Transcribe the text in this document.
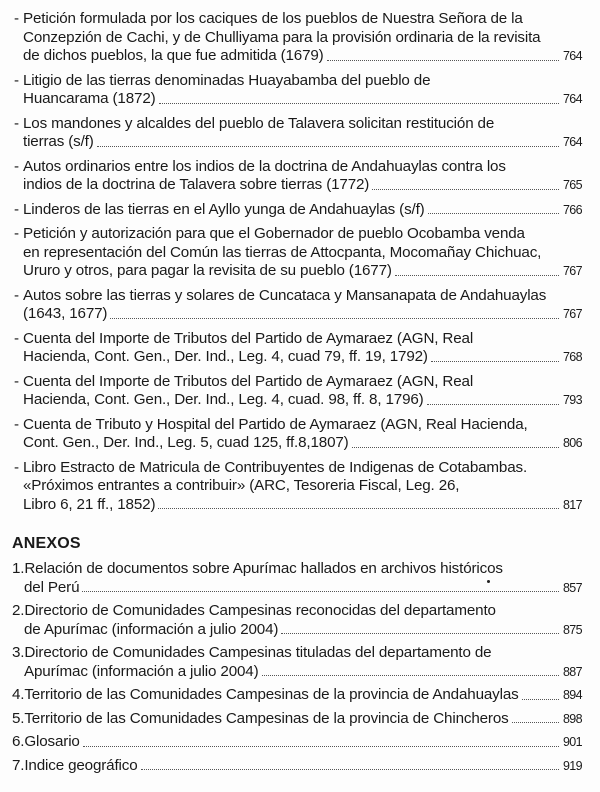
- Petición formulada por los caciques de los pueblos de Nuestra Señora de la
Conzepzión de Cachi, y de Chulliyama para la provisión ordinaria de la revisita
de dichos pueblos, la que fue admitida (1679)	764
- Litigio de las tierras denominadas Huayabamba del pueblo de
Huancarama (1872)	764
- Los mandones y alcaldes del pueblo de Talavera solicitan restitución de
tierras (s/f)	764
- Autos ordinarios entre los indios de la doctrina de Andahuaylas contra los
indios de la doctrina de Talavera sobre tierras (1772)	765
- Linderos de las tierras en el Ayllo yunga de Andahuaylas (s/f)	766
- Petición y autorización para que el Gobernador de pueblo Ocobamba venda
en representación del Común las tierras de Attocpanta, Mocomañay Chichuac,
Ururo y otros, para pagar la revisita de su pueblo (1677)	767
- Autos sobre las tierras y solares de Cuncataca y Mansanapata de Andahuaylas
(1643, 1677)	767
- Cuenta del Importe de Tributos del Partido de Aymaraez (AGN, Real
Hacienda, Cont. Gen., Der. Ind., Leg. 4, cuad 79, ff. 19, 1792)	768
- Cuenta del Importe de Tributos del Partido de Aymaraez (AGN, Real
Hacienda, Cont. Gen., Der. Ind., Leg. 4, cuad. 98, ff. 8, 1796)	793
- Cuenta de Tributo y Hospital del Partido de Aymaraez (AGN, Real Hacienda,
Cont. Gen., Der. Ind., Leg. 5, cuad 125, ff.8,1807)	806
- Libro Estracto de Matricula de Contribuyentes de Indigenas de Cotabambas.
«Próximos entrantes a contribuir» (ARC, Tesoreria Fiscal, Leg. 26,
Libro 6, 21 ff., 1852)	817
ANEXOS
1.Relación de documentos sobre Apurímac hallados en archivos históricos
del Perú	857
2.Directorio de Comunidades Campesinas reconocidas del departamento
de Apurímac (información a julio 2004)	875
3.Directorio de Comunidades Campesinas tituladas del departamento de
Apurímac (información a julio 2004)	887
4.Territorio de las Comunidades Campesinas de la provincia de Andahuaylas	894
5.Territorio de las Comunidades Campesinas de la provincia de Chincheros	898
6.Glosario	901
7.Indice geográfico	919
